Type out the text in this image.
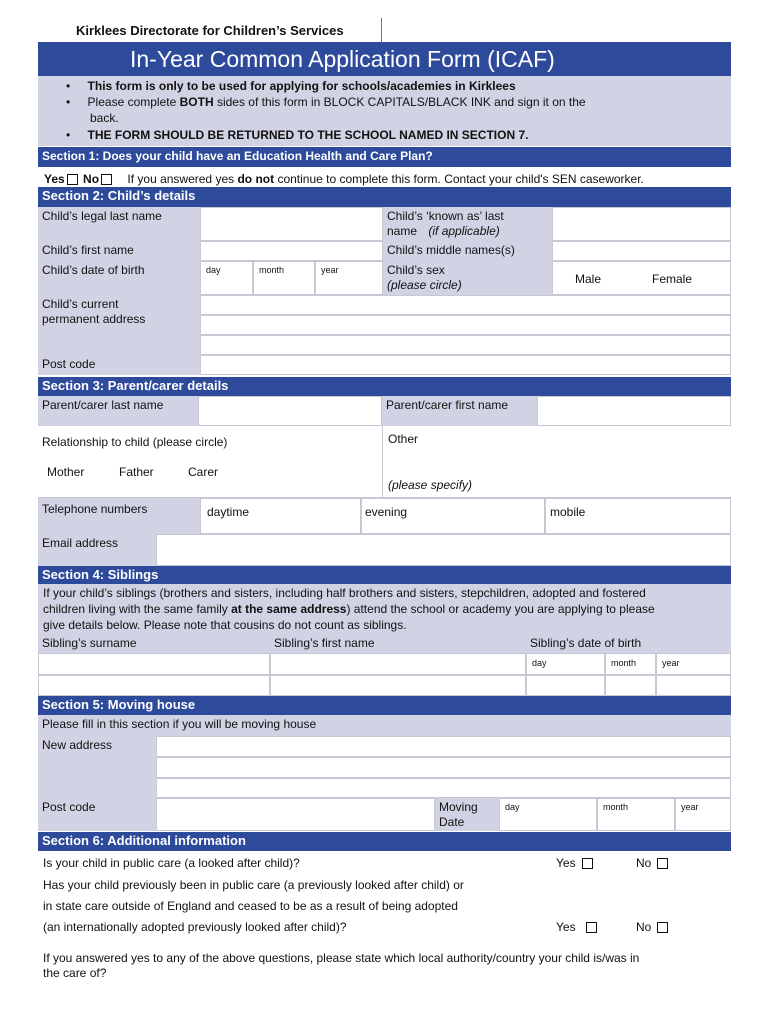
Kirklees Directorate for Children’s Services
In-Year Common Application Form (ICAF)
• This form is only to be used for applying for schools/academies in Kirklees
• Please complete BOTH sides of this form in BLOCK CAPITALS/BLACK INK and sign it on the
back.
• THE FORM SHOULD BE RETURNED TO THE SCHOOL NAMED IN SECTION 7.
Section 1: Does your child have an Education Health and Care Plan?
Yes No If you answered yes do not continue to complete this form. Contact your child's SEN caseworker.
Section 2: Child’s details
Child’s legal last name	Child’s ‘known as’ last
name (if applicable)
Child’s first name	Child’s middle names(s)
Child’s date of birth	day	month	year	Child’s sex
(please circle)	Male	Female
Child’s current
permanent address
Post code
Section 3: Parent/carer details
Parent/carer last name	Parent/carer first name
Relationship to child (please circle)
Mother	Father	Carer
Other
(please specify)
Telephone numbers	daytime	evening	mobile
Email address
Section 4: Siblings
If your child’s siblings (brothers and sisters, including half brothers and sisters, stepchildren, adopted and fostered
children living with the same family at the same address) attend the school or academy you are applying to please
give details below. Please note that cousins do not count as siblings.
Sibling’s surname	Sibling’s first name	Sibling’s date of birth
day	month	year
Section 5: Moving house
Please fill in this section if you will be moving house
New address
Post code	Moving
Date
day	month	year
Section 6: Additional information
Is your child in public care (a looked after child)?	Yes	No
Has your child previously been in public care (a previously looked after child) or
in state care outside of England and ceased to be as a result of being adopted
(an internationally adopted previously looked after child)?	Yes	No
If you answered yes to any of the above questions, please state which local authority/country your child is/was in
the care of?
